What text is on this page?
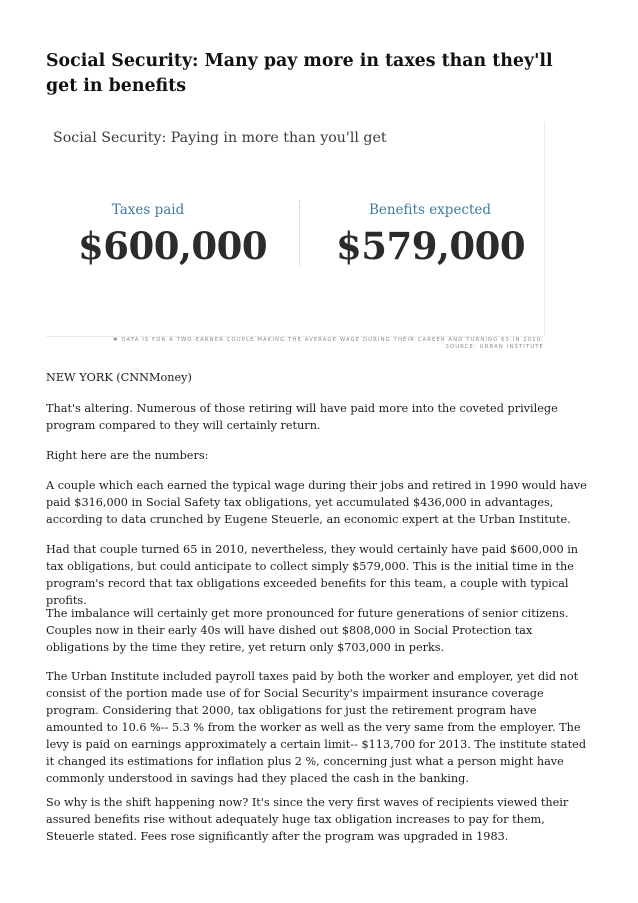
Social Security: Many pay more in taxes than they'll get in benefits
Social Security: Paying in more than you'll get
Taxes paid
$600,000
Benefits expected
$579,000
✱ DATA IS FOR A TWO-EARNER COUPLE MAKING THE AVERAGE WAGE DURING THEIR CAREER AND TURNING 65 IN 2010.
SOURCE: URBAN INSTITUTE

NEW YORK (CNNMoney)

That's altering. Numerous of those retiring will have paid more into the coveted privilege program compared to they will certainly return.

Right here are the numbers:

A couple which each earned the typical wage during their jobs and retired in 1990 would have paid $316,000 in Social Safety tax obligations, yet accumulated $436,000 in advantages, according to data crunched by Eugene Steuerle, an economic expert at the Urban Institute.

Had that couple turned 65 in 2010, nevertheless, they would certainly have paid $600,000 in tax obligations, but could anticipate to collect simply $579,000. This is the initial time in the program's record that tax obligations exceeded benefits for this team, a couple with typical profits.

The imbalance will certainly get more pronounced for future generations of senior citizens. Couples now in their early 40s will have dished out $808,000 in Social Protection tax obligations by the time they retire, yet return only $703,000 in perks.

The Urban Institute included payroll taxes paid by both the worker and employer, yet did not consist of the portion made use of for Social Security's impairment insurance coverage program. Considering that 2000, tax obligations for just the retirement program have amounted to 10.6 %-- 5.3 % from the worker as well as the very same from the employer. The levy is paid on earnings approximately a certain limit-- $113,700 for 2013. The institute stated it changed its estimations for inflation plus 2 %, concerning just what a person might have commonly understood in savings had they placed the cash in the banking.

So why is the shift happening now? It's since the very first waves of recipients viewed their assured benefits rise without adequately huge tax obligation increases to pay for them, Steuerle stated. Fees rose significantly after the program was upgraded in 1983.
